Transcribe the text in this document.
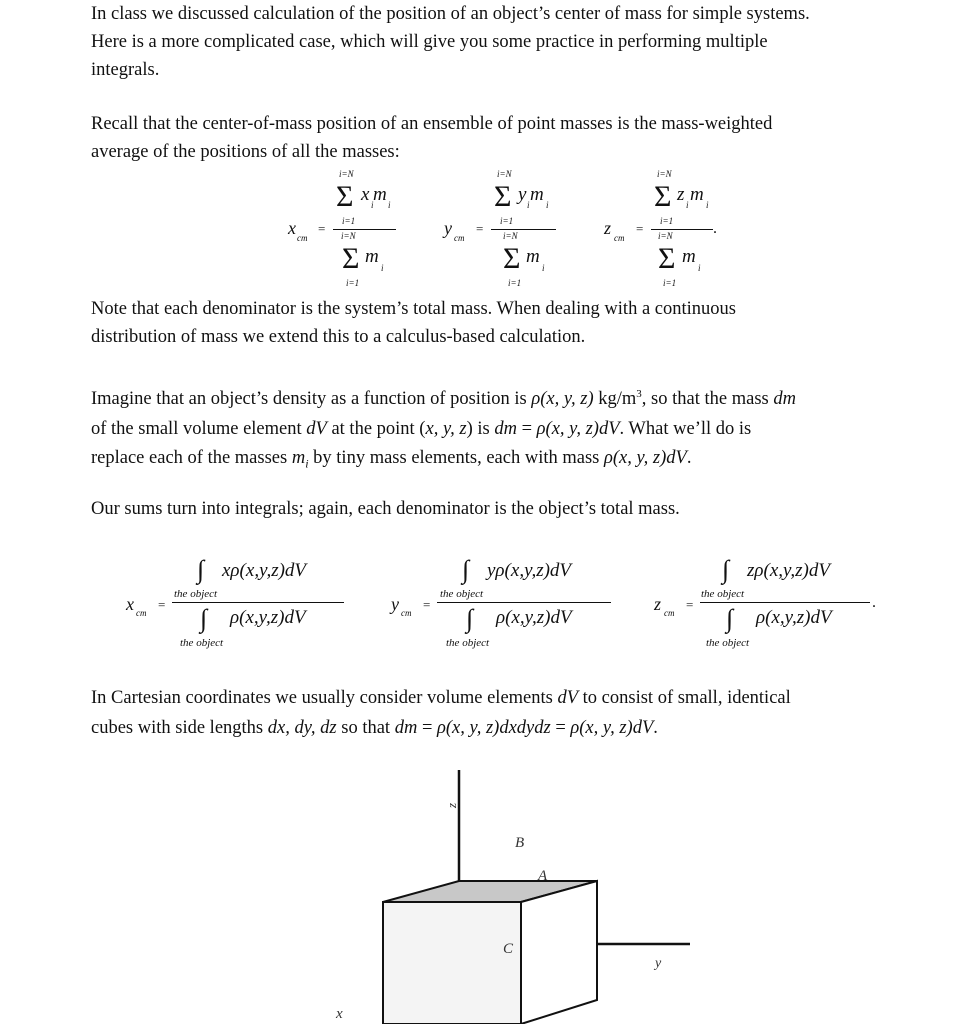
In class we discussed calculation of the position of an object’s center of mass for simple systems.
Here is a more complicated case, which will give you some practice in performing multiple
integrals.
Recall that the center-of-mass position of an ensemble of point masses is the mass-weighted
average of the positions of all the masses:
x cm
=
i=N
Σ x m
i i
i=1
i=N
Σ m
i
i=1
y cm
=
i=N
Σ y m
i i
i=1
i=N
Σ m
i
i=1
z cm
=
i=N
Σ z m
i i
i=1 .
i=N
Σ m
i
i=1
Note that each denominator is the system’s total mass. When dealing with a continuous
distribution of mass we extend this to a calculus-based calculation.
Imagine that an object’s density as a function of position is ρ(x, y, z) $kg/m^3$, so that the mass dm
of the small volume element dV at the point (x, y, z) is dm = ρ(x, y, z)dV. What we’ll do is
replace each of the masses $m_i$ by tiny mass elements, each with mass ρ(x, y, z)dV.
Our sums turn into integrals; again, each denominator is the object’s total mass.
x cm
=
∫ xρ(x,y,z)dV
the object
∫ ρ(x,y,z)dV
the object
y cm
=
∫ yρ(x,y,z)dV
the object
∫ ρ(x,y,z)dV
the object
z cm
=
∫ zρ(x,y,z)dV
the object	.
∫ ρ(x,y,z)dV
the object
In Cartesian coordinates we usually consider volume elements dV to consist of small, identical
cubes with side lengths dx, dy, dz so that dm = ρ(x, y, z)dxdydz = ρ(x, y, z)dV.
z
y
x
A
B
C
